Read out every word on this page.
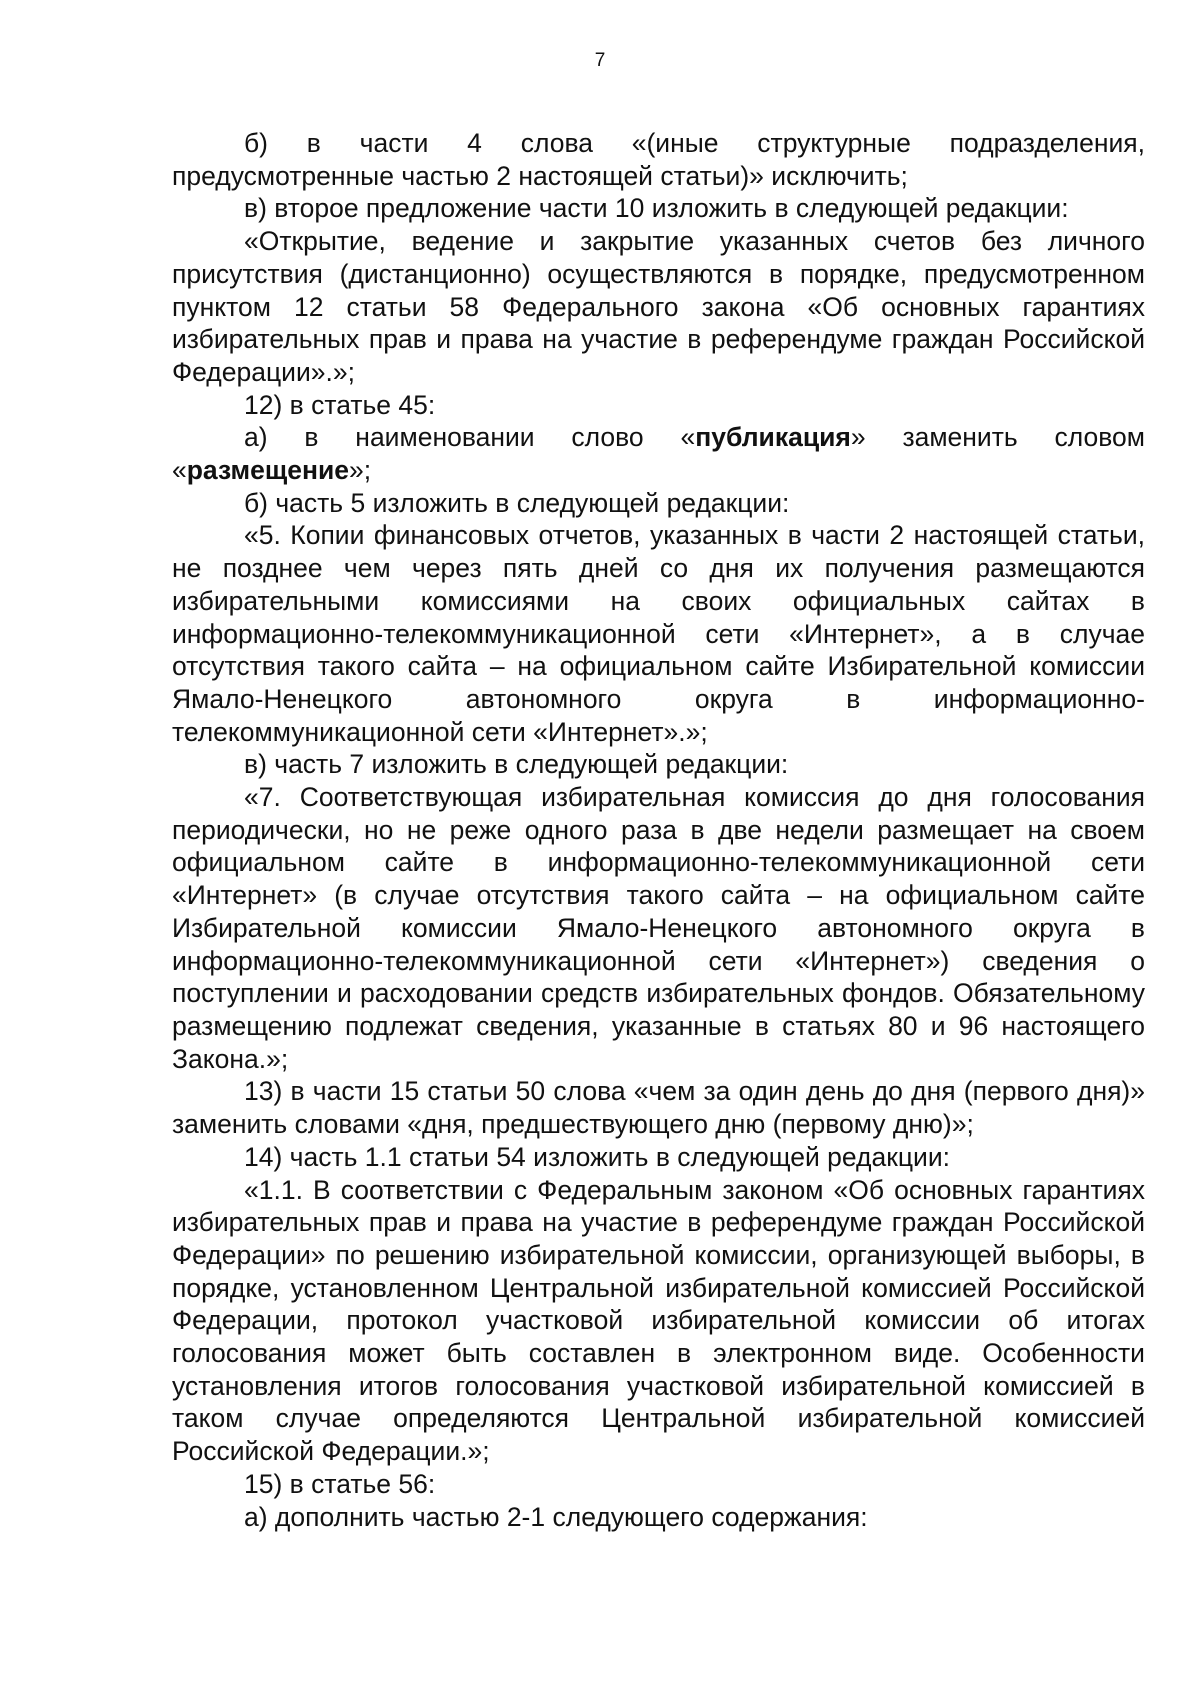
7

б) в части 4 слова «(иные структурные подразделения, предусмотренные частью 2 настоящей статьи)» исключить;

в) второе предложение части 10 изложить в следующей редакции:

«Открытие, ведение и закрытие указанных счетов без личного присутствия (дистанционно) осуществляются в порядке, предусмотренном пунктом 12 статьи 58 Федерального закона «Об основных гарантиях избирательных прав и права на участие в референдуме граждан Российской Федерации».»;

12) в статье 45:

а) в наименовании слово «публикация» заменить словом «размещение»;

б) часть 5 изложить в следующей редакции:

«5. Копии финансовых отчетов, указанных в части 2 настоящей статьи, не позднее чем через пять дней со дня их получения размещаются избирательными комиссиями на своих официальных сайтах в информационно-телекоммуникационной сети «Интернет», а в случае отсутствия такого сайта – на официальном сайте Избирательной комиссии Ямало-Ненецкого автономного округа в информационно-телекоммуникационной сети «Интернет».»;

в) часть 7 изложить в следующей редакции:

«7. Соответствующая избирательная комиссия до дня голосования периодически, но не реже одного раза в две недели размещает на своем официальном сайте в информационно-телекоммуникационной сети «Интернет» (в случае отсутствия такого сайта – на официальном сайте Избирательной комиссии Ямало-Ненецкого автономного округа в информационно-телекоммуникационной сети «Интернет») сведения о поступлении и расходовании средств избирательных фондов. Обязательному размещению подлежат сведения, указанные в статьях 80 и 96 настоящего Закона.»;

13) в части 15 статьи 50 слова «чем за один день до дня (первого дня)» заменить словами «дня, предшествующего дню (первому дню)»;

14) часть 1.1 статьи 54 изложить в следующей редакции:

«1.1. В соответствии с Федеральным законом «Об основных гарантиях избирательных прав и права на участие в референдуме граждан Российской Федерации» по решению избирательной комиссии, организующей выборы, в порядке, установленном Центральной избирательной комиссией Российской Федерации, протокол участковой избирательной комиссии об итогах голосования может быть составлен в электронном виде. Особенности установления итогов голосования участковой избирательной комиссией в таком случае определяются Центральной избирательной комиссией Российской Федерации.»;

15) в статье 56:

а) дополнить частью 2-1 следующего содержания:
